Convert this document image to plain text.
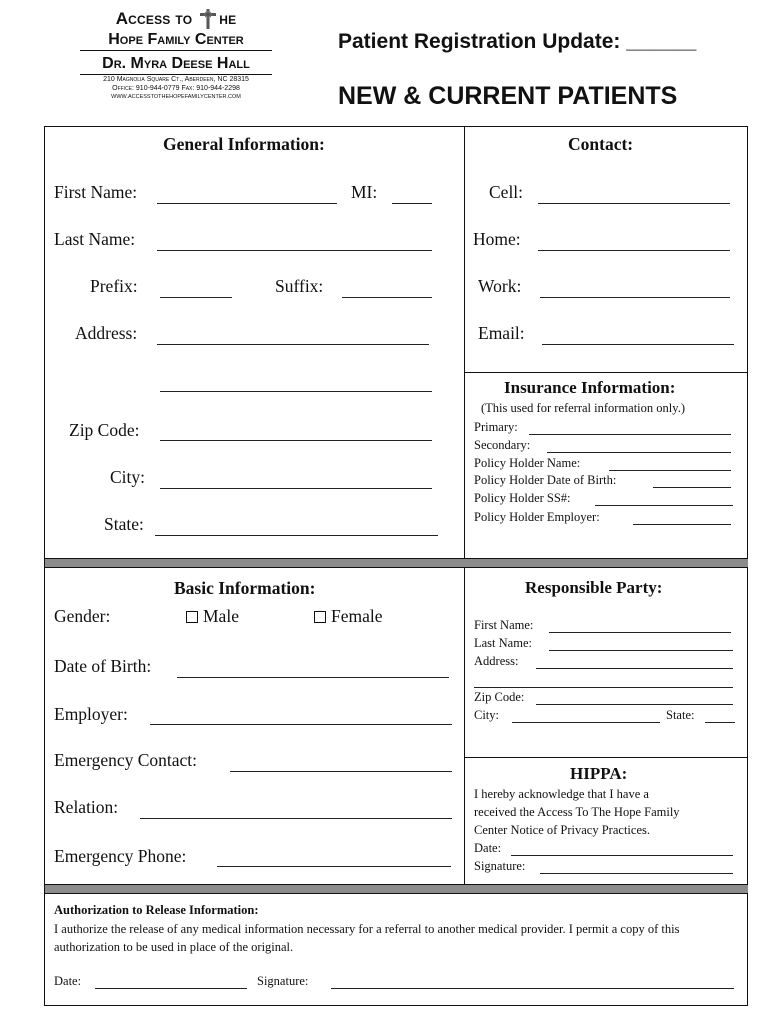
Access to he
Hope Family Center
Dr. Myra Deese Hall
210 Magnolia Square Ct., Aberdeen, NC 28315
Office: 910-944-0779 Fax: 910-944-2298
WWW.ACCESSTOTHEHOPEFAMILYCENTER.COM
Patient Registration Update: ______
NEW & CURRENT PATIENTS
General Information:
First Name:	MI:
Last Name:
Prefix:	Suffix:
Address:
Zip Code:
City:
State:
Contact:
Cell:
Home:
Work:
Email:
Insurance Information:
(This used for referral information only.)
Primary:
Secondary:
Policy Holder Name:
Policy Holder Date of Birth:
Policy Holder SS#:
Policy Holder Employer:
Basic Information:
Gender:	Male	Female
Date of Birth:
Employer:
Emergency Contact:
Relation:
Emergency Phone:
Responsible Party:
First Name:
Last Name:
Address:
Zip Code:
City:	State:
HIPPA:
I hereby acknowledge that I have a
received the Access To The Hope Family
Center Notice of Privacy Practices.
Date:
Signature:
Authorization to Release Information:
I authorize the release of any medical information necessary for a referral to another medical provider. I permit a copy of this authorization to be used in place of the original.
Date:	Signature:
